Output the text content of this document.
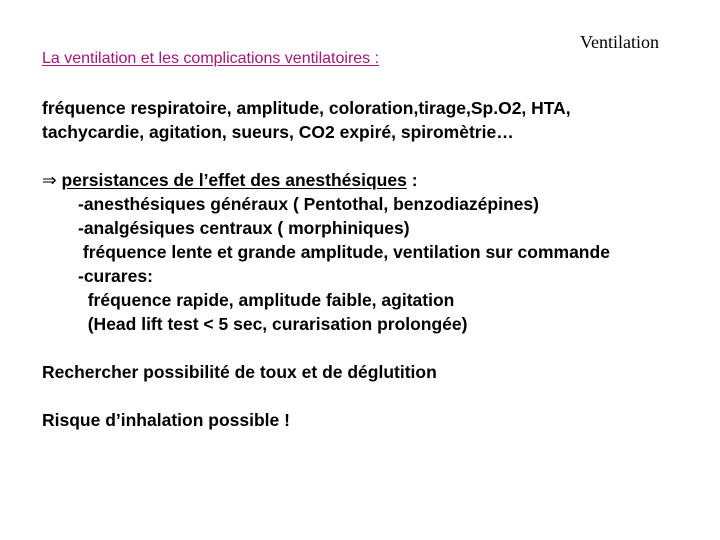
La ventilation et les complications ventilatoires :
Ventilation
fréquence respiratoire, amplitude, coloration,tirage,Sp.O2, HTA,
tachycardie, agitation, sueurs, CO2 expiré, spiromètrie…
⇒ persistances de l’effet des anesthésiques :
-anesthésiques généraux ( Pentothal, benzodiazépines)
-analgésiques centraux ( morphiniques)
fréquence lente et grande amplitude, ventilation sur commande
-curares:
fréquence rapide, amplitude faible, agitation
(Head lift test < 5 sec, curarisation prolongée)
Rechercher possibilité de toux et de déglutition
Risque d’inhalation possible !
